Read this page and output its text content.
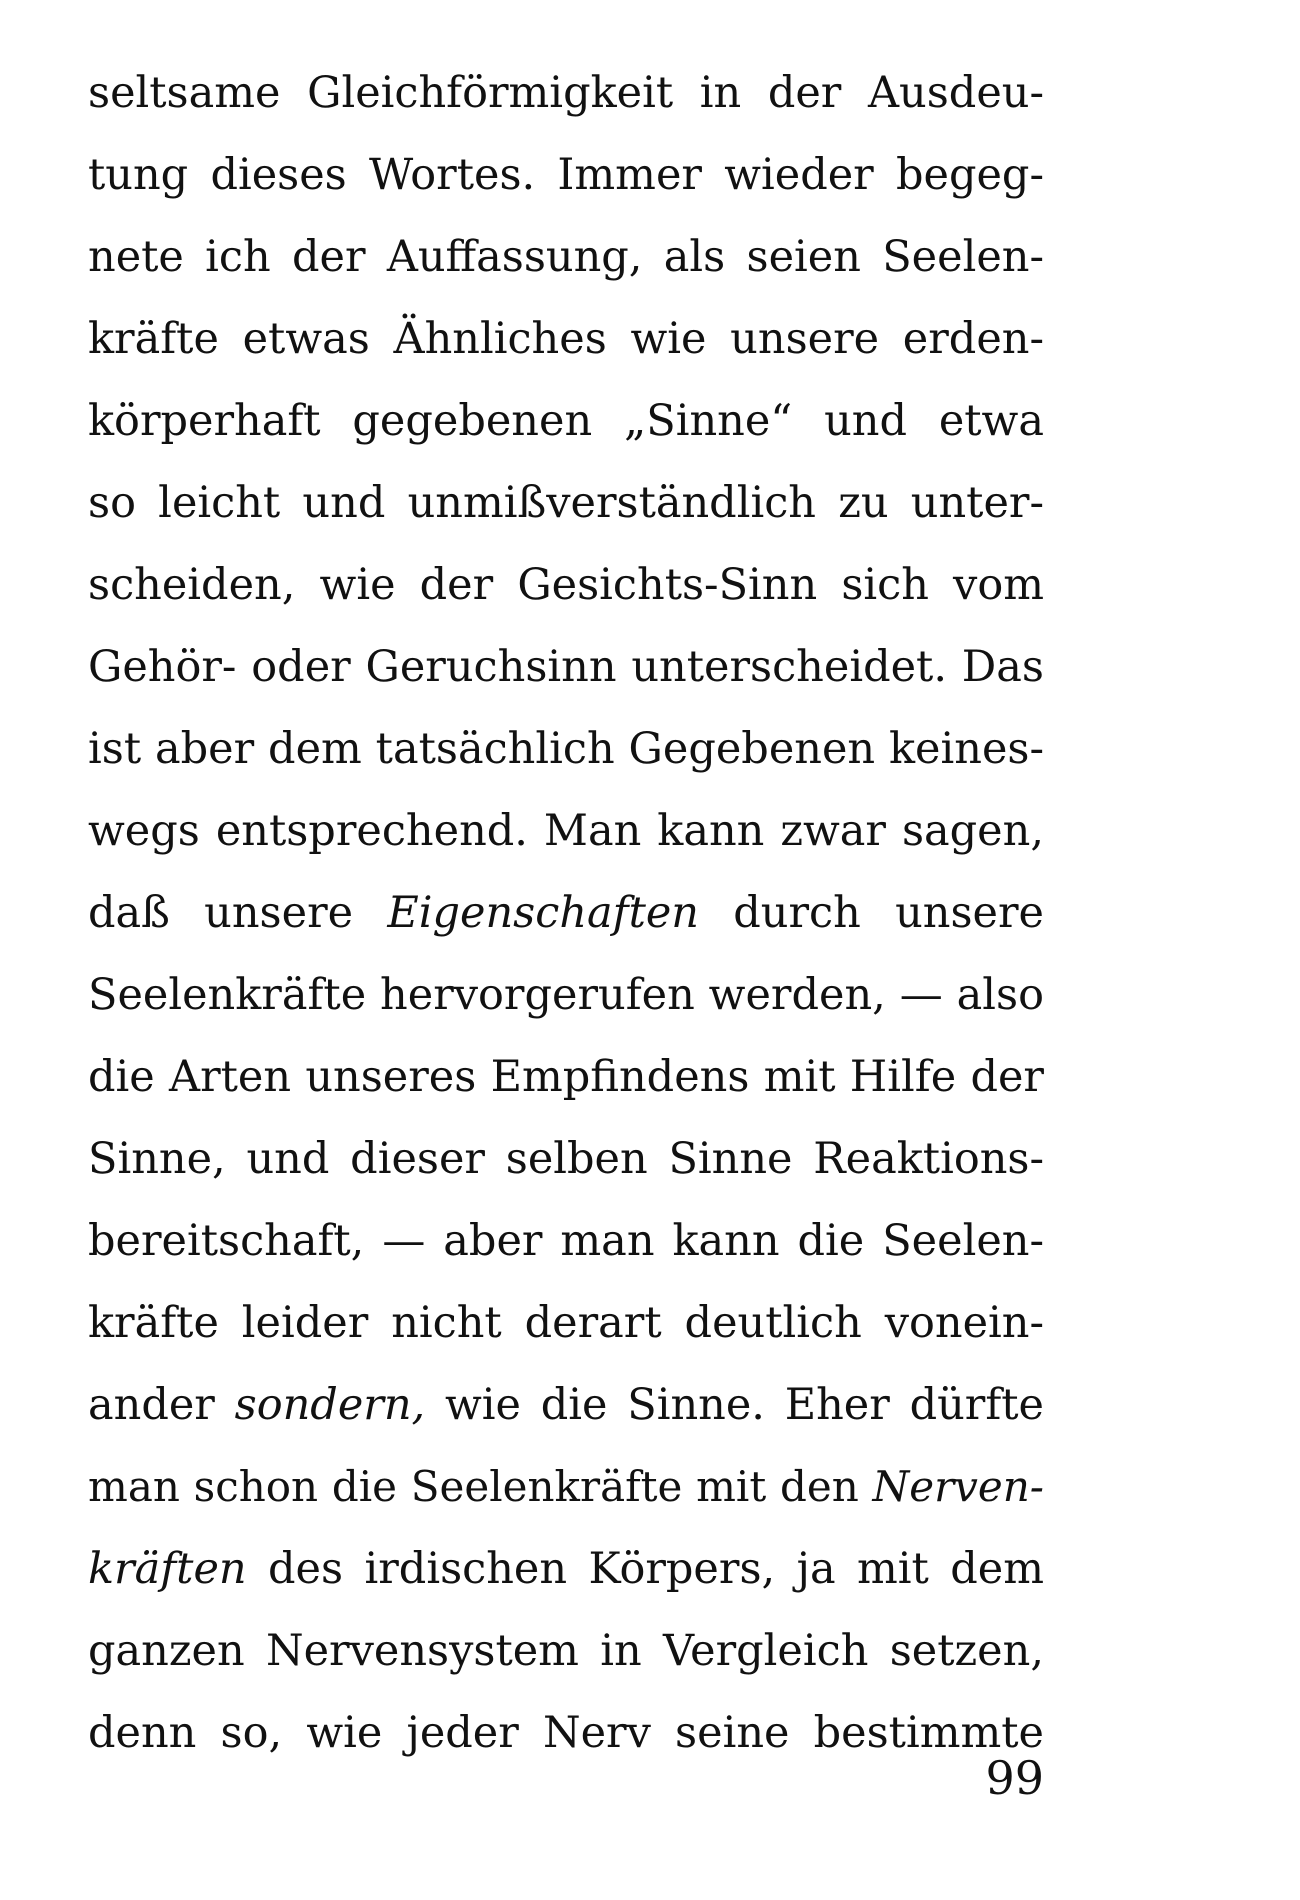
seltsame Gleichförmigkeit in der Ausdeu-
tung dieses Wortes. Immer wieder begeg-
nete ich der Auffassung, als seien Seelen-
kräfte etwas Ähnliches wie unsere erden-
körperhaft gegebenen „Sinne“ und etwa
so leicht und unmißverständlich zu unter-
scheiden, wie der Gesichts-Sinn sich vom
Gehör- oder Geruchsinn unterscheidet. Das
ist aber dem tatsächlich Gegebenen keines-
wegs entsprechend. Man kann zwar sagen,
daß unsere Eigenschaften durch unsere
Seelenkräfte hervorgerufen werden, — also
die Arten unseres Empfindens mit Hilfe der
Sinne, und dieser selben Sinne Reaktions-
bereitschaft, — aber man kann die Seelen-
kräfte leider nicht derart deutlich vonein-
ander sondern, wie die Sinne. Eher dürfte
man schon die Seelenkräfte mit den Nerven-
kräften des irdischen Körpers, ja mit dem
ganzen Nervensystem in Vergleich setzen,
denn so, wie jeder Nerv seine bestimmte
99
